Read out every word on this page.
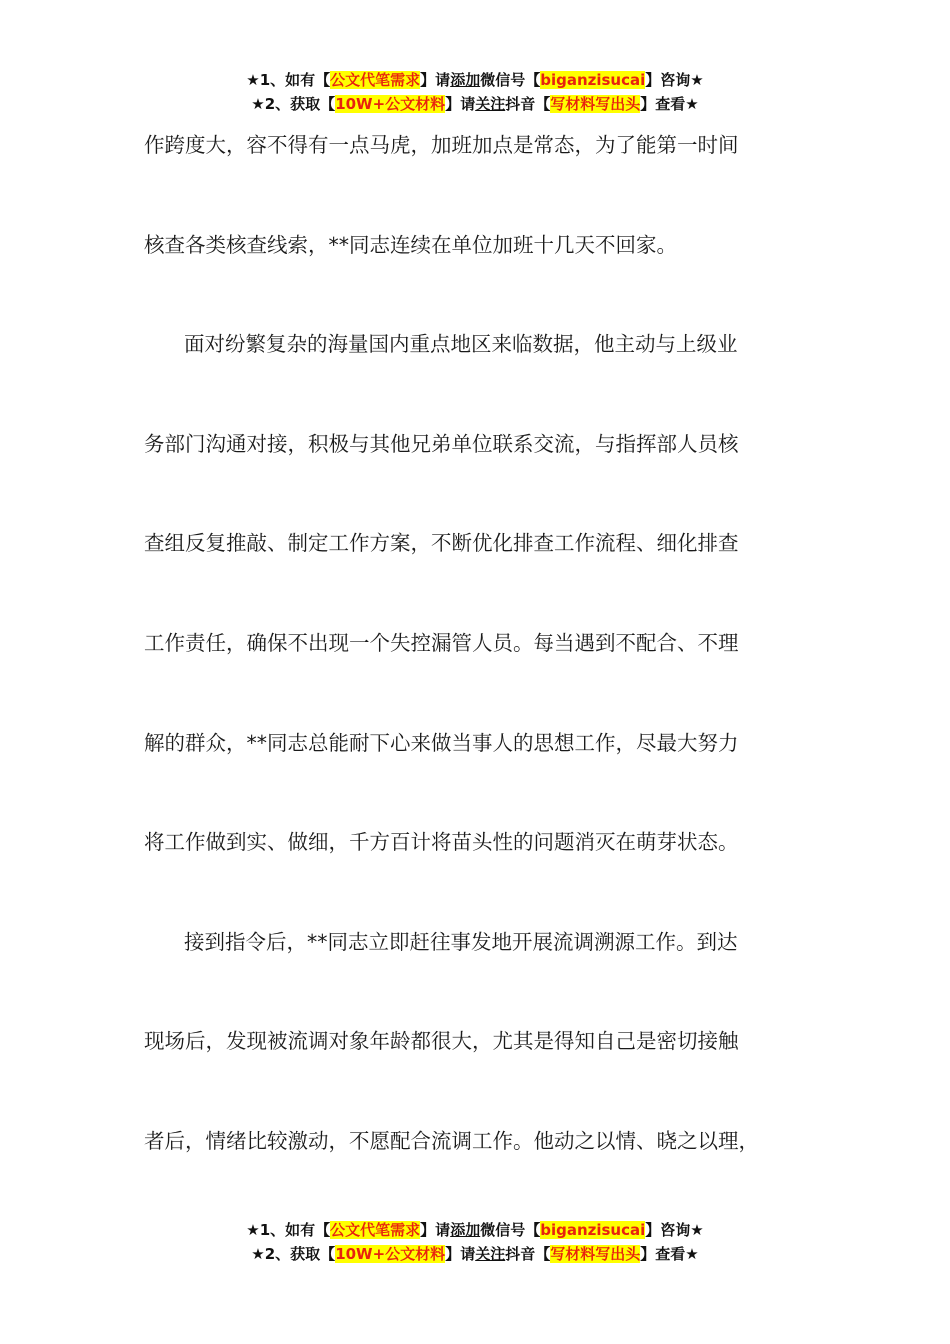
★1、如有【公文代笔需求】请添加微信号【biganzisucai】咨询★
★2、获取【10W+公文材料】请关注抖音【写材料写出头】查看★
作跨度大，容不得有一点马虎，加班加点是常态，为了能第一时间
核查各类核查线索，**同志连续在单位加班十几天不回家。
面对纷繁复杂的海量国内重点地区来临数据，他主动与上级业
务部门沟通对接，积极与其他兄弟单位联系交流，与指挥部人员核
查组反复推敲、制定工作方案，不断优化排查工作流程、细化排查
工作责任，确保不出现一个失控漏管人员。每当遇到不配合、不理
解的群众，**同志总能耐下心来做当事人的思想工作，尽最大努力
将工作做到实、做细，千方百计将苗头性的问题消灭在萌芽状态。
接到指令后，**同志立即赶往事发地开展流调溯源工作。到达
现场后，发现被流调对象年龄都很大，尤其是得知自己是密切接触
者后，情绪比较激动，不愿配合流调工作。他动之以情、晓之以理，
★1、如有【公文代笔需求】请添加微信号【biganzisucai】咨询★
★2、获取【10W+公文材料】请关注抖音【写材料写出头】查看★
